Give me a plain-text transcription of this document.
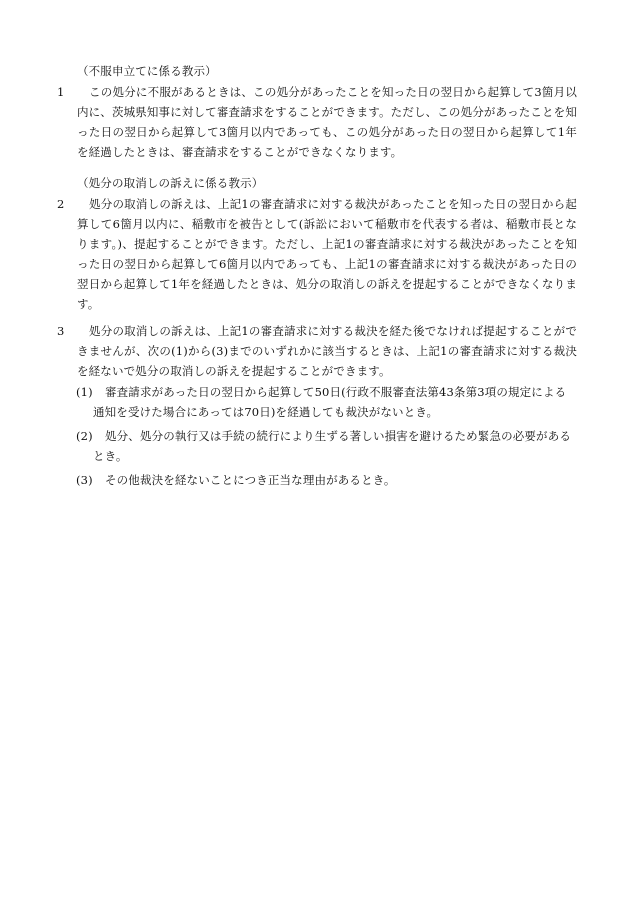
（不服申立てに係る教示）
1	この処分に不服があるときは、この処分があったことを知った日の翌日から起算して3箇月以内に、茨城県知事に対して審査請求をすることができます。ただし、この処分があったことを知った日の翌日から起算して3箇月以内であっても、この処分があった日の翌日から起算して1年を経過したときは、審査請求をすることができなくなります。
（処分の取消しの訴えに係る教示）
2	処分の取消しの訴えは、上記1の審査請求に対する裁決があったことを知った日の翌日から起算して6箇月以内に、稲敷市を被告として(訴訟において稲敷市を代表する者は、稲敷市長となります。)、提起することができます。ただし、上記1の審査請求に対する裁決があったことを知った日の翌日から起算して6箇月以内であっても、上記1の審査請求に対する裁決があった日の翌日から起算して1年を経過したときは、処分の取消しの訴えを提起することができなくなります。
3	処分の取消しの訴えは、上記1の審査請求に対する裁決を経た後でなければ提起することができませんが、次の(1)から(3)までのいずれかに該当するときは、上記1の審査請求に対する裁決を経ないで処分の取消しの訴えを提起することができます。
(1)	審査請求があった日の翌日から起算して50日(行政不服審査法第43条第3項の規定による通知を受けた場合にあっては70日)を経過しても裁決がないとき。
(2)	処分、処分の執行又は手続の続行により生ずる著しい損害を避けるため緊急の必要があるとき。
(3)	その他裁決を経ないことにつき正当な理由があるとき。
